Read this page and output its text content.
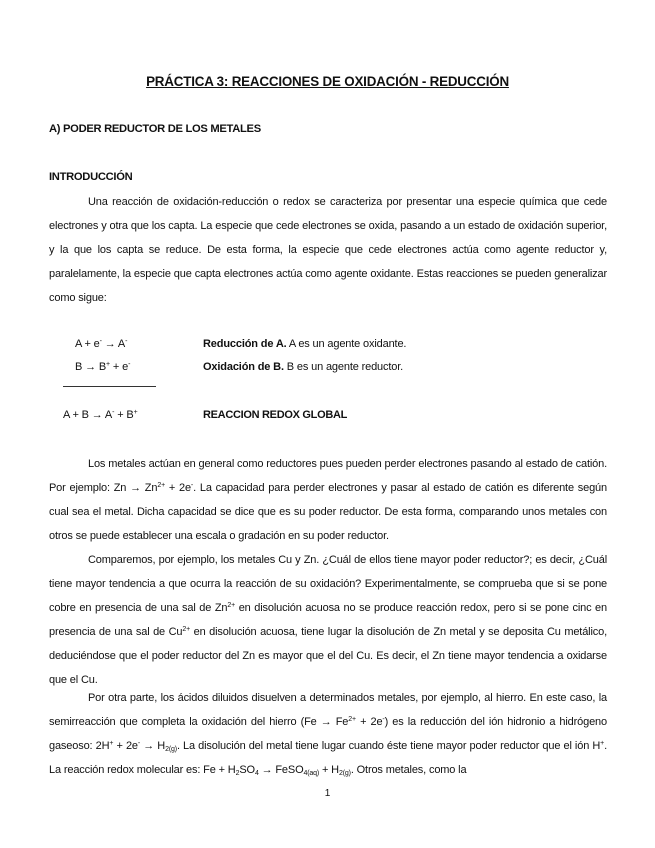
PRÁCTICA 3: REACCIONES DE OXIDACIÓN - REDUCCIÓN
A) PODER REDUCTOR DE LOS METALES
INTRODUCCIÓN

Una reacción de oxidación-reducción o redox se caracteriza por presentar una especie química que cede electrones y otra que los capta. La especie que cede electrones se oxida, pasando a un estado de oxidación superior, y la que los capta se reduce. De esta forma, la especie que cede electrones actúa como agente reductor y, paralelamente, la especie que capta electrones actúa como agente oxidante. Estas reacciones se pueden generalizar como sigue:

A + e- → A-	Reducción de A. A es un agente oxidante.
B → B+ + e-	Oxidación de B. B es un agente reductor.
A + B → A- + B+	REACCION REDOX GLOBAL

Los metales actúan en general como reductores pues pueden perder electrones pasando al estado de catión. Por ejemplo: $Zn \to Zn^{2+} + 2e^-$. La capacidad para perder electrones y pasar al estado de catión es diferente según cual sea el metal. Dicha capacidad se dice que es su poder reductor. De esta forma, comparando unos metales con otros se puede establecer una escala o gradación en su poder reductor.

Comparemos, por ejemplo, los metales Cu y Zn. ¿Cuál de ellos tiene mayor poder reductor?; es decir, ¿Cuál tiene mayor tendencia a que ocurra la reacción de su oxidación? Experimentalmente, se comprueba que si se pone cobre en presencia de una sal de $Zn^{2+}$ en disolución acuosa no se produce reacción redox, pero si se pone cinc en presencia de una sal de $Cu^{2+}$ en disolución acuosa, tiene lugar la disolución de Zn metal y se deposita Cu metálico, deduciéndose que el poder reductor del Zn es mayor que el del Cu. Es decir, el Zn tiene mayor tendencia a oxidarse que el Cu.

Por otra parte, los ácidos diluidos disuelven a determinados metales, por ejemplo, al hierro. En este caso, la semirreacción que completa la oxidación del hierro $(Fe \to Fe^{2+} + 2e^-)$ es la reducción del ión hidronio a hidrógeno gaseoso: $2H^+ + 2e^- \to H_{2(g)}$. La disolución del metal tiene lugar cuando éste tiene mayor poder reductor que el ión H+. La reacción redox molecular es: $Fe + H_2SO_4$ → FeSO$_{4(aq)}$ + $H_{2(g)}$. Otros metales, como la

1
